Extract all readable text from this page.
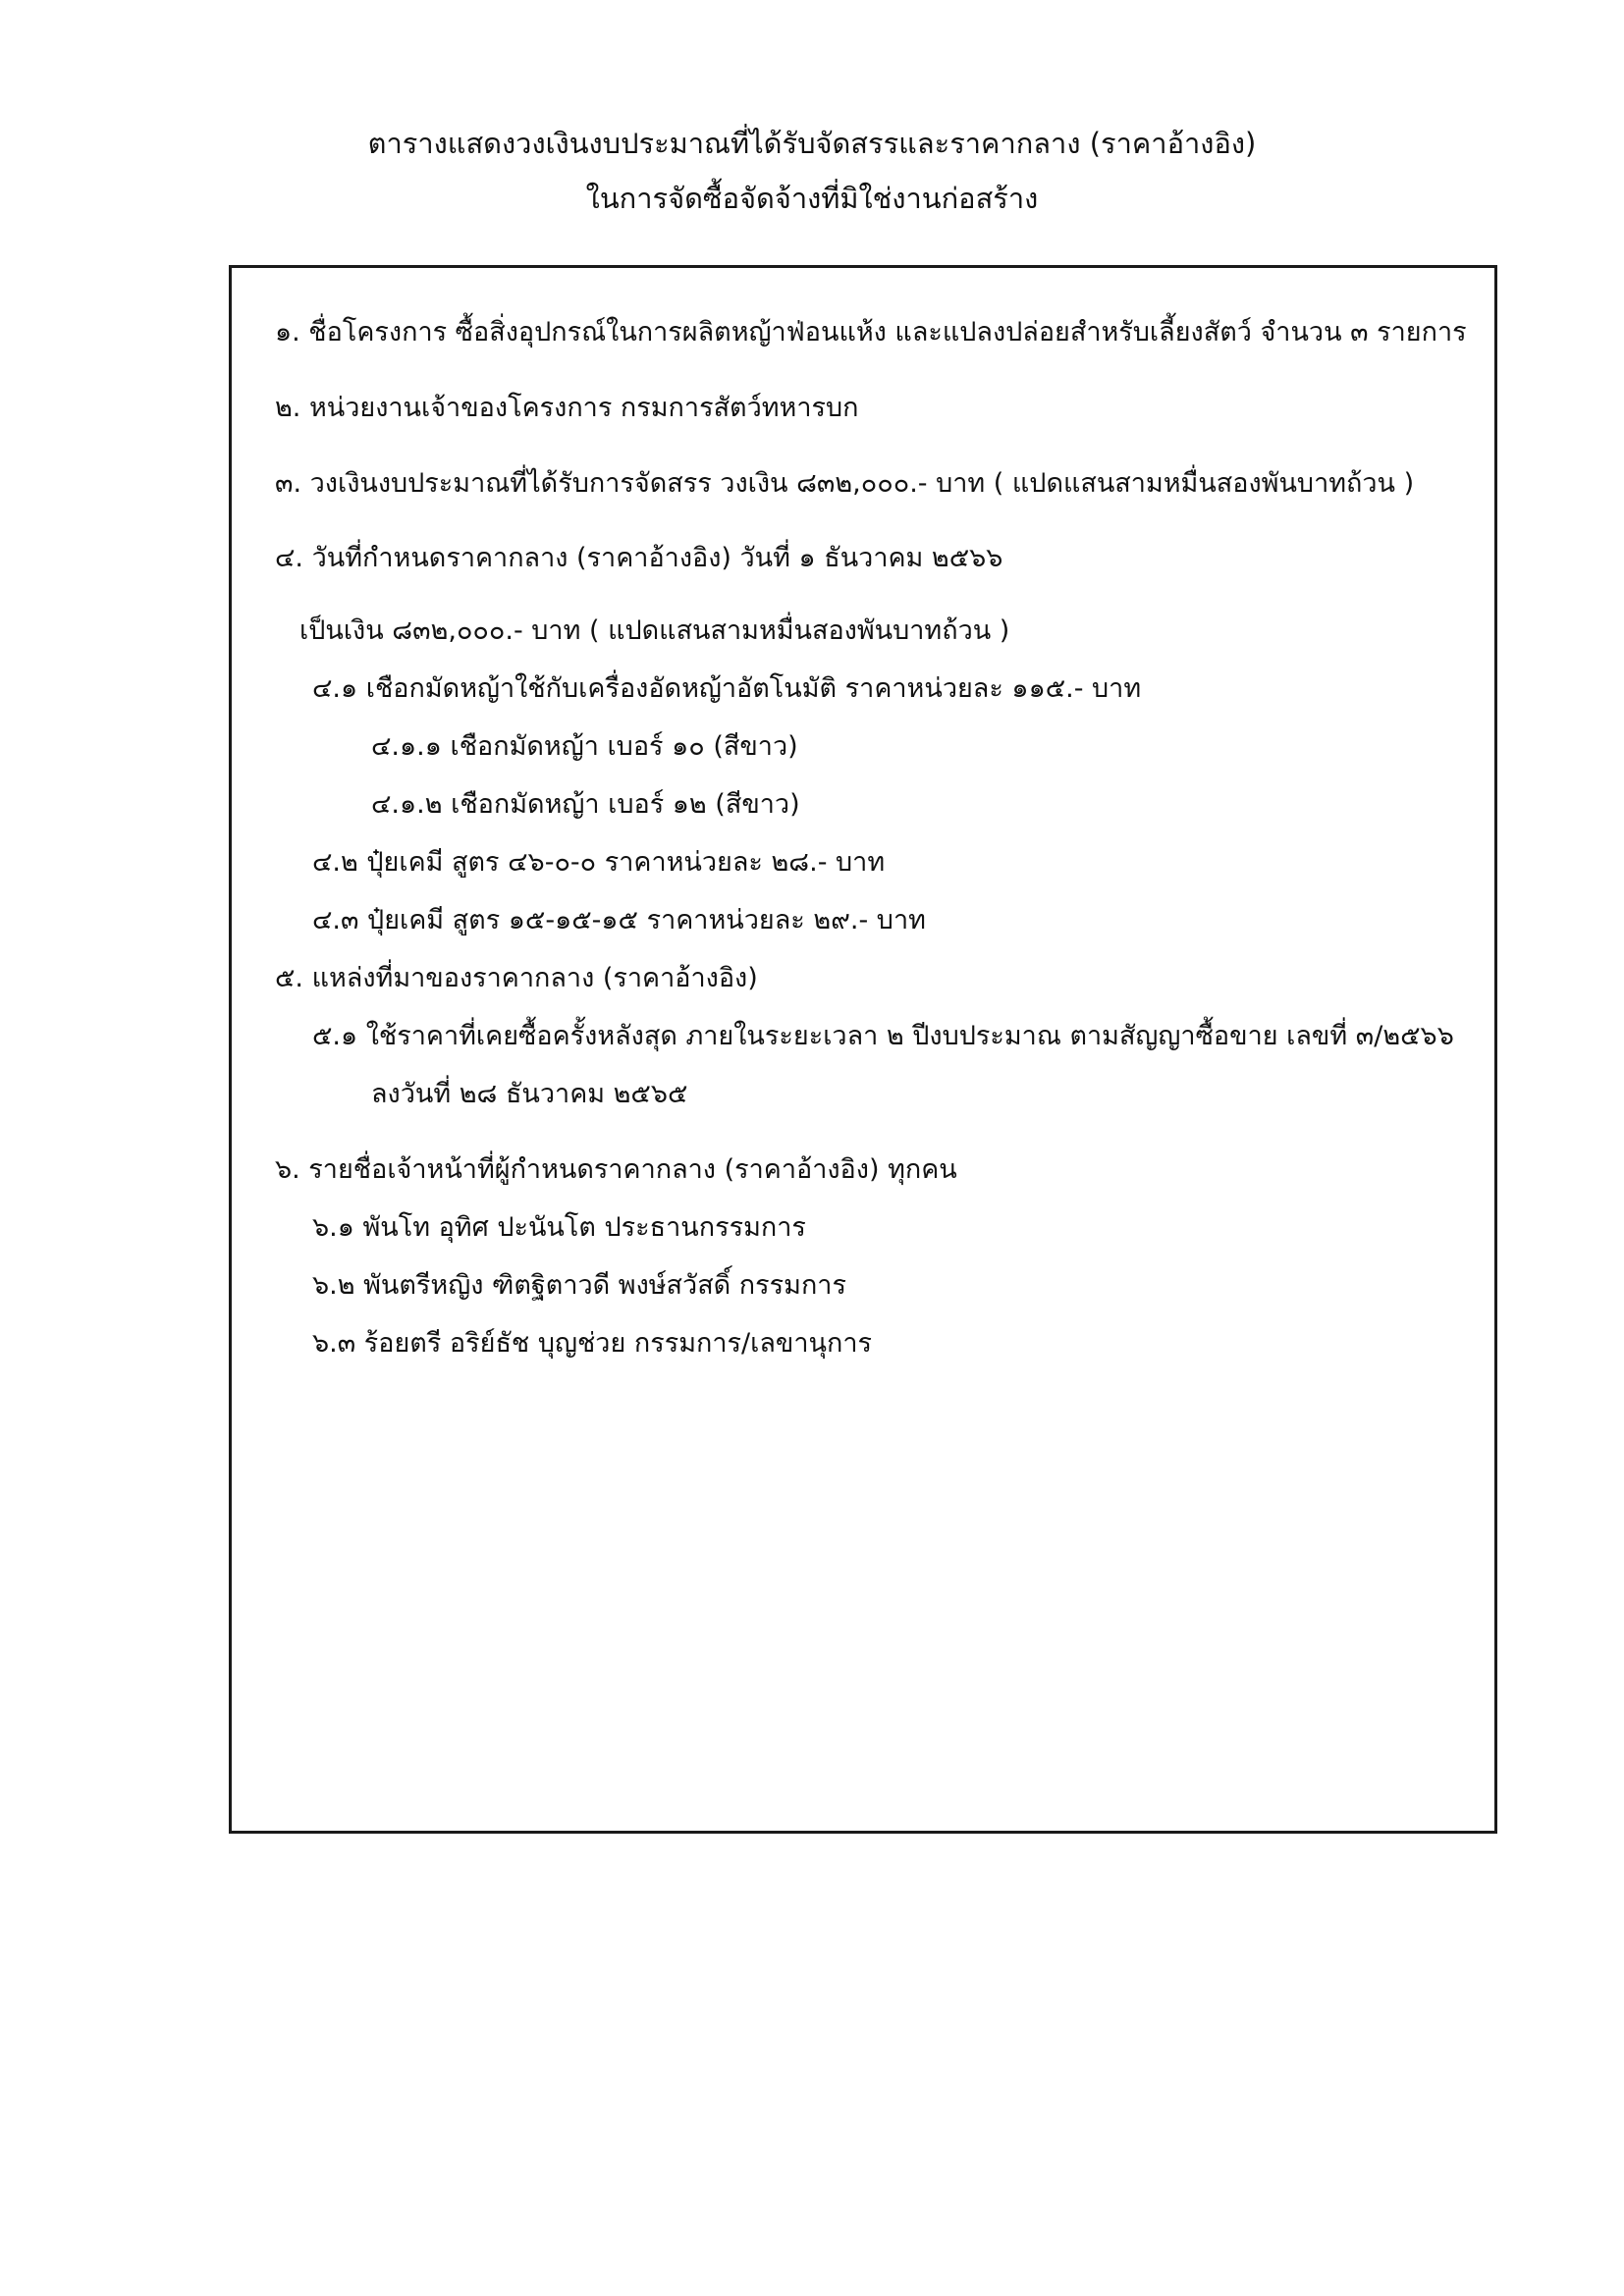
ตารางแสดงวงเงินงบประมาณที่ได้รับจัดสรรและราคากลาง (ราคาอ้างอิง)
ในการจัดซื้อจัดจ้างที่มิใช่งานก่อสร้าง
๑. ชื่อโครงการ ซื้อสิ่งอุปกรณ์ในการผลิตหญ้าฟ่อนแห้ง และแปลงปล่อยสำหรับเลี้ยงสัตว์ จำนวน ๓ รายการ
๒. หน่วยงานเจ้าของโครงการ กรมการสัตว์ทหารบก
๓. วงเงินงบประมาณที่ได้รับการจัดสรร วงเงิน ๘๓๒,๐๐๐.- บาท ( แปดแสนสามหมื่นสองพันบาทถ้วน )
๔. วันที่กำหนดราคากลาง (ราคาอ้างอิง) วันที่ ๑ ธันวาคม ๒๕๖๖
เป็นเงิน ๘๓๒,๐๐๐.- บาท ( แปดแสนสามหมื่นสองพันบาทถ้วน )
๔.๑ เชือกมัดหญ้าใช้กับเครื่องอัดหญ้าอัตโนมัติ ราคาหน่วยละ ๑๑๕.- บาท
๔.๑.๑ เชือกมัดหญ้า เบอร์ ๑๐ (สีขาว)
๔.๑.๒ เชือกมัดหญ้า เบอร์ ๑๒ (สีขาว)
๔.๒ ปุ๋ยเคมี สูตร ๔๖-๐-๐ ราคาหน่วยละ ๒๘.- บาท
๔.๓ ปุ๋ยเคมี สูตร ๑๕-๑๕-๑๕ ราคาหน่วยละ ๒๙.- บาท
๕. แหล่งที่มาของราคากลาง (ราคาอ้างอิง)
๕.๑ ใช้ราคาที่เคยซื้อครั้งหลังสุด ภายในระยะเวลา ๒ ปีงบประมาณ ตามสัญญาซื้อขาย เลขที่ ๓/๒๕๖๖
ลงวันที่ ๒๘ ธันวาคม ๒๕๖๕
๖. รายชื่อเจ้าหน้าที่ผู้กำหนดราคากลาง (ราคาอ้างอิง) ทุกคน
๖.๑ พันโท อุทิศ ปะนันโต ประธานกรรมการ
๖.๒ พันตรีหญิง ฑิตฐิตาวดี พงษ์สวัสดิ์ กรรมการ
๖.๓ ร้อยตรี อริย์ธัช บุญช่วย กรรมการ/เลขานุการ
